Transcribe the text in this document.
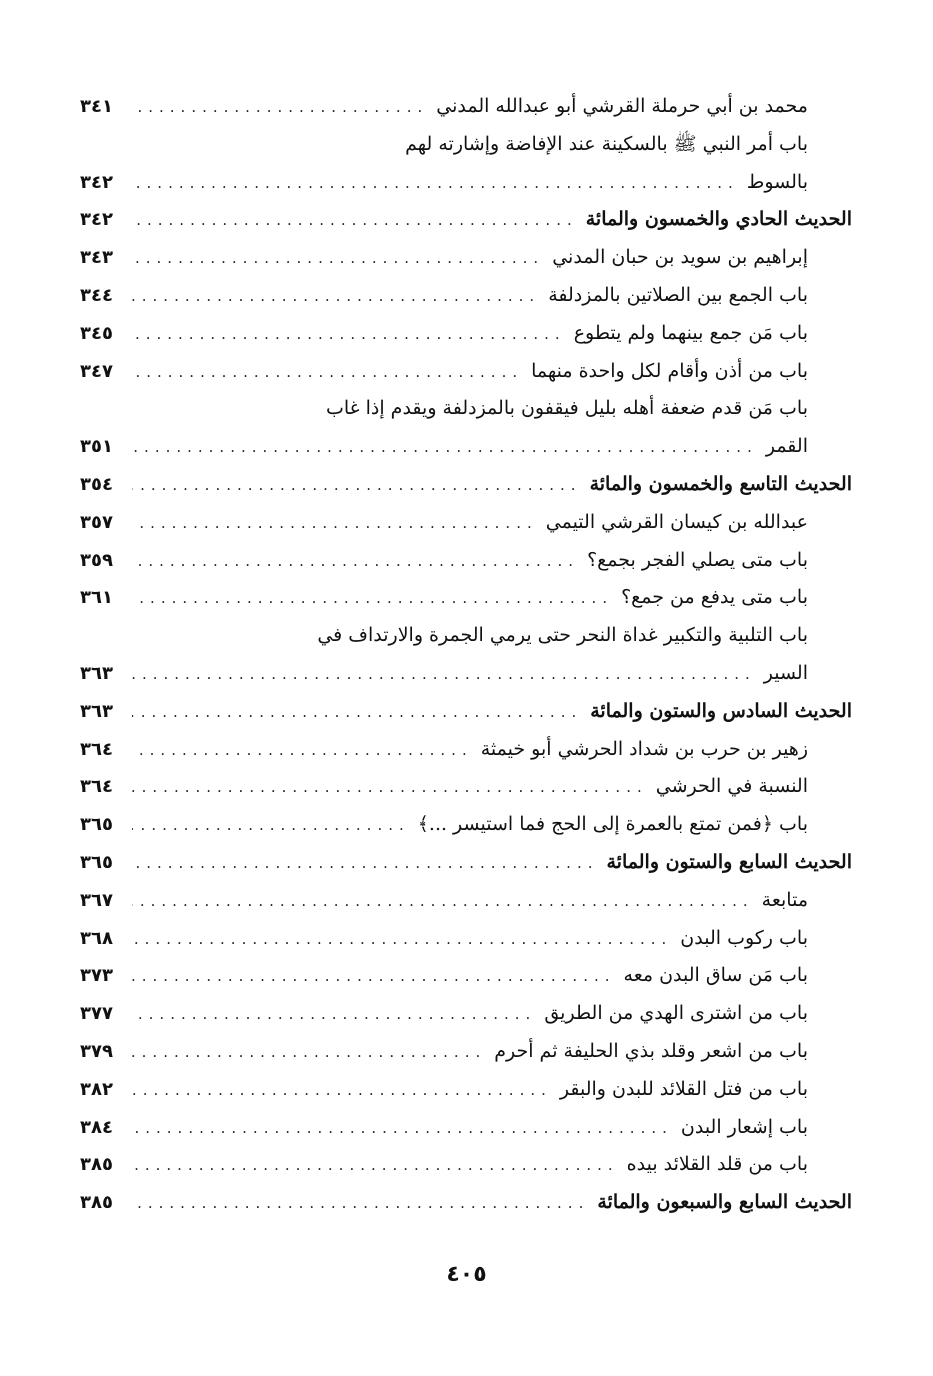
محمد بن أبي حرملة القرشي أبو عبدالله المدني
.....
٣٤١
باب أمر النبي ﷺ بالسكينة عند الإفاضة وإشارته لهم
بالسوط
.....
٣٤٢
الحديث الحادي والخمسون والمائة
.....
٣٤٢
إبراهيم بن سويد بن حبان المدني
.....
٣٤٣
باب الجمع بين الصلاتين بالمزدلفة
.....
٣٤٤
باب مَن جمع بينهما ولم يتطوع
.....
٣٤٥
باب من أذن وأقام لكل واحدة منهما
.....
٣٤٧
باب مَن قدم ضعفة أهله بليل فيقفون بالمزدلفة ويقدم إذا غاب
القمر
.....
٣٥١
الحديث التاسع والخمسون والمائة
.....
٣٥٤
عبدالله بن كيسان القرشي التيمي
.....
٣٥٧
باب متى يصلي الفجر بجمع؟
.....
٣٥٩
باب متى يدفع من جمع؟
.....
٣٦١
باب التلبية والتكبير غداة النحر حتى يرمي الجمرة والارتداف في
السير
.....
٣٦٣
الحديث السادس والستون والمائة
.....
٣٦٣
زهير بن حرب بن شداد الحرشي أبو خيمثة
.....
٣٦٤
النسبة في الحرشي
.....
٣٦٤
باب ﴿فمن تمتع بالعمرة إلى الحج فما استيسر ...﴾
.....
٣٦٥
الحديث السابع والستون والمائة
.....
٣٦٥
متابعة
.....
٣٦٧
باب ركوب البدن
.....
٣٦٨
باب مَن ساق البدن معه
.....
٣٧٣
باب من اشترى الهدي من الطريق
.....
٣٧٧
باب من اشعر وقلد بذي الحليفة ثم أحرم
.....
٣٧٩
باب من فتل القلائد للبدن والبقر
.....
٣٨٢
باب إشعار البدن
.....
٣٨٤
باب من قلد القلائد بيده
.....
٣٨٥
الحديث السابع والسبعون والمائة
.....
٣٨٥
٤٠٥
